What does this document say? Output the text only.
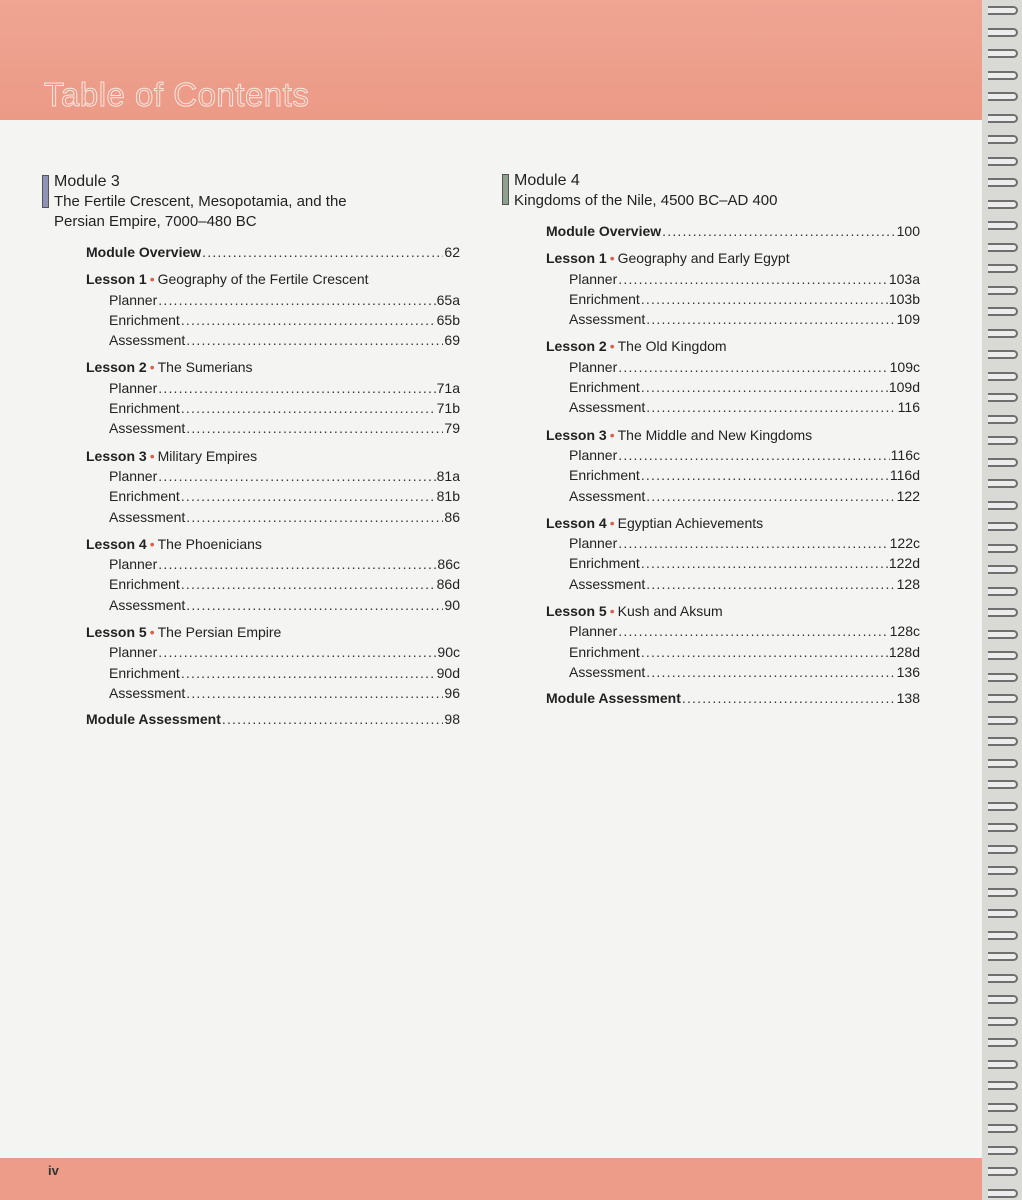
Table of Contents
iv
Module 3
The Fertile Crescent, Mesopotamia, and the
Persian Empire, 7000–480 BC
Module Overview .....	62
Lesson 1 • Geography of the Fertile Crescent
Planner .....	65a
Enrichment .....	65b
Assessment .....	69
Lesson 2 • The Sumerians
Planner .....	71a
Enrichment .....	71b
Assessment .....	79
Lesson 3 • Military Empires
Planner .....	81a
Enrichment .....	81b
Assessment .....	86
Lesson 4 • The Phoenicians
Planner .....	86c
Enrichment .....	86d
Assessment .....	90
Lesson 5 • The Persian Empire
Planner .....	90c
Enrichment .....	90d
Assessment .....	96
Module Assessment .....	98
Module 4
Kingdoms of the Nile, 4500 BC–AD 400
Module Overview .....	100
Lesson 1 • Geography and Early Egypt
Planner .....	103a
Enrichment .....	103b
Assessment .....	109
Lesson 2 • The Old Kingdom
Planner .....	109c
Enrichment .....	109d
Assessment .....	116
Lesson 3 • The Middle and New Kingdoms
Planner .....	116c
Enrichment .....	116d
Assessment .....	122
Lesson 4 • Egyptian Achievements
Planner .....	122c
Enrichment .....	122d
Assessment .....	128
Lesson 5 • Kush and Aksum
Planner .....	128c
Enrichment .....	128d
Assessment .....	136
Module Assessment .....	138
